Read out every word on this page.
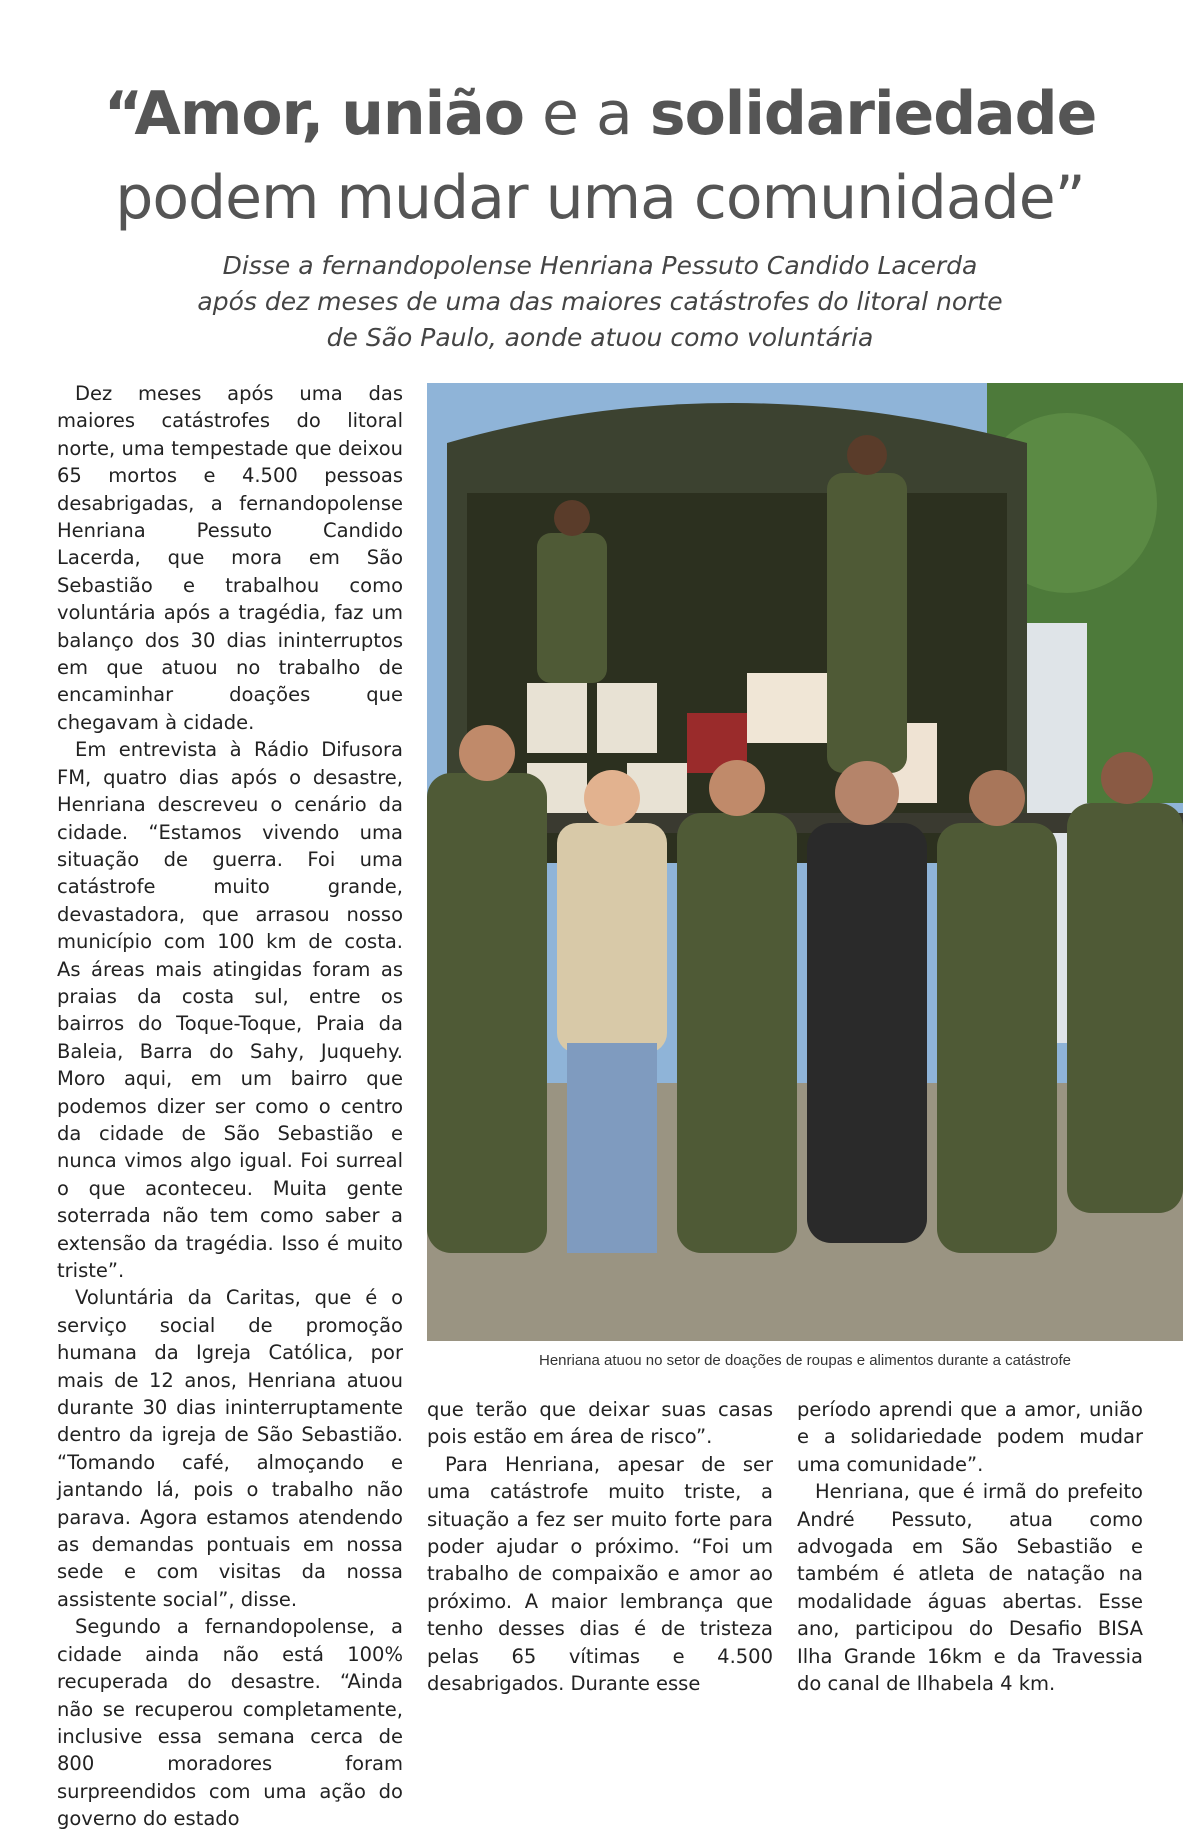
“Amor, união e a solidariedade
podem mudar uma comunidade”
Disse a fernandopolense Henriana Pessuto Candido Lacerda
após dez meses de uma das maiores catástrofes do litoral norte
de São Paulo, aonde atuou como voluntária

Dez meses após uma das maiores catástrofes do litoral norte, uma tempestade que deixou 65 mortos e 4.500 pessoas desabrigadas, a fernandopolense Henriana Pessuto Candido Lacerda, que mora em São Sebastião e trabalhou como voluntária após a tragédia, faz um balanço dos 30 dias ininterruptos em que atuou no trabalho de encaminhar doações que chegavam à cidade.

Em entrevista à Rádio Difusora FM, quatro dias após o desastre, Henriana descreveu o cenário da cidade. “Estamos vivendo uma situação de guerra. Foi uma catástrofe muito grande, devastadora, que arrasou nosso município com 100 km de costa. As áreas mais atingidas foram as praias da costa sul, entre os bairros do Toque-Toque, Praia da Baleia, Barra do Sahy, Juquehy. Moro aqui, em um bairro que podemos dizer ser como o centro da cidade de São Sebastião e nunca vimos algo igual. Foi surreal o que aconteceu. Muita gente soterrada não tem como saber a extensão da tragédia. Isso é muito triste”.

Voluntária da Caritas, que é o serviço social de promoção humana da Igreja Católica, por mais de 12 anos, Henriana atuou durante 30 dias ininterruptamente dentro da igreja de São Sebastião. “Tomando café, almoçando e jantando lá, pois o trabalho não parava. Agora estamos atendendo as demandas pontuais em nossa sede e com visitas da nossa assistente social”, disse.

Segundo a fernandopolense, a cidade ainda não está 100% recuperada do desastre. “Ainda não se recuperou completamente, inclusive essa semana cerca de 800 moradores foram surpreendidos com uma ação do governo do estado

Henriana atuou no setor de doações de roupas e alimentos durante a catástrofe

que terão que deixar suas casas pois estão em área de risco”.

Para Henriana, apesar de ser uma catástrofe muito triste, a situação a fez ser muito forte para poder ajudar o próximo. “Foi um trabalho de compaixão e amor ao próximo. A maior lembrança que tenho desses dias é de tristeza pelas 65 vítimas e 4.500 desabrigados. Durante esse

período aprendi que a amor, união e a solidariedade podem mudar uma comunidade”.

Henriana, que é irmã do prefeito André Pessuto, atua como advogada em São Sebastião e também é atleta de natação na modalidade águas abertas. Esse ano, participou do Desafio BISA Ilha Grande 16km e da Travessia do canal de Ilhabela 4 km.
